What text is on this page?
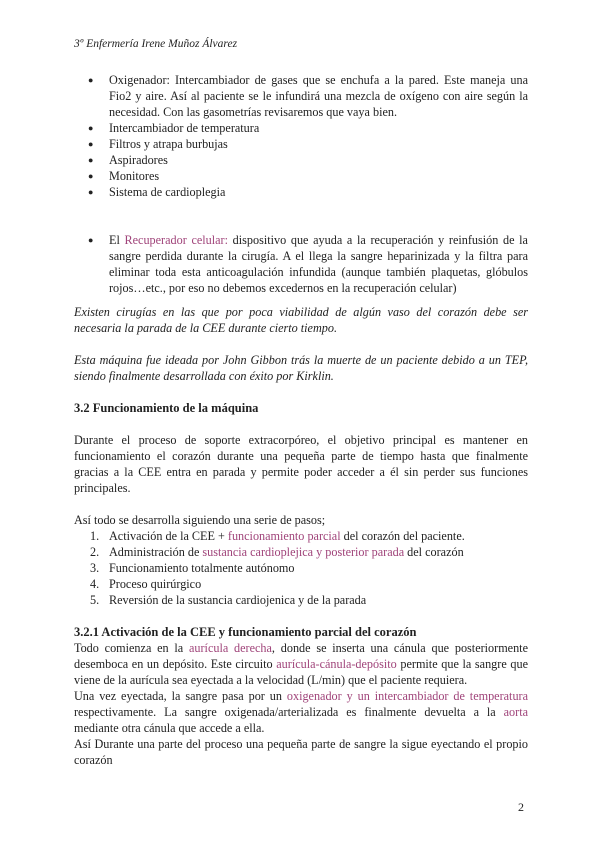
3º Enfermería Irene Muñoz Álvarez
● Oxigenador: Intercambiador de gases que se enchufa a la pared. Este maneja una Fio2 y aire. Así al paciente se le infundirá una mezcla de oxígeno con aire según la necesidad. Con las gasometrías revisaremos que vaya bien.
● Intercambiador de temperatura
● Filtros y atrapa burbujas
● Aspiradores
● Monitores
● Sistema de cardioplegia
● El Recuperador celular: dispositivo que ayuda a la recuperación y reinfusión de la sangre perdida durante la cirugía. A el llega la sangre heparinizada y la filtra para eliminar toda esta anticoagulación infundida (aunque también plaquetas, glóbulos rojos…etc., por eso no debemos excedernos en la recuperación celular)

Existen cirugías en las que por poca viabilidad de algún vaso del corazón debe ser necesaria la parada de la CEE durante cierto tiempo.

Esta máquina fue ideada por John Gibbon trás la muerte de un paciente debido a un TEP, siendo finalmente desarrollada con éxito por Kirklin.

3.2 Funcionamiento de la máquina

Durante el proceso de soporte extracorpóreo, el objetivo principal es mantener en funcionamiento el corazón durante una pequeña parte de tiempo hasta que finalmente gracias a la CEE entra en parada y permite poder acceder a él sin perder sus funciones principales.

Así todo se desarrolla siguiendo una serie de pasos;

1. Activación de la CEE + funcionamiento parcial del corazón del paciente.
2. Administración de sustancia cardioplejica y posterior parada del corazón
3. Funcionamiento totalmente autónomo
4. Proceso quirúrgico
5. Reversión de la sustancia cardiojenica y de la parada
3.2.1 Activación de la CEE y funcionamiento parcial del corazón

Todo comienza en la aurícula derecha, donde se inserta una cánula que posteriormente desemboca en un depósito. Este circuito aurícula-cánula-depósito permite que la sangre que viene de la aurícula sea eyectada a la velocidad (L/min) que el paciente requiera.

Una vez eyectada, la sangre pasa por un oxigenador y un intercambiador de temperatura respectivamente. La sangre oxigenada/arterializada es finalmente devuelta a la aorta mediante otra cánula que accede a ella.

Así Durante una parte del proceso una pequeña parte de sangre la sigue eyectando el propio corazón

2
